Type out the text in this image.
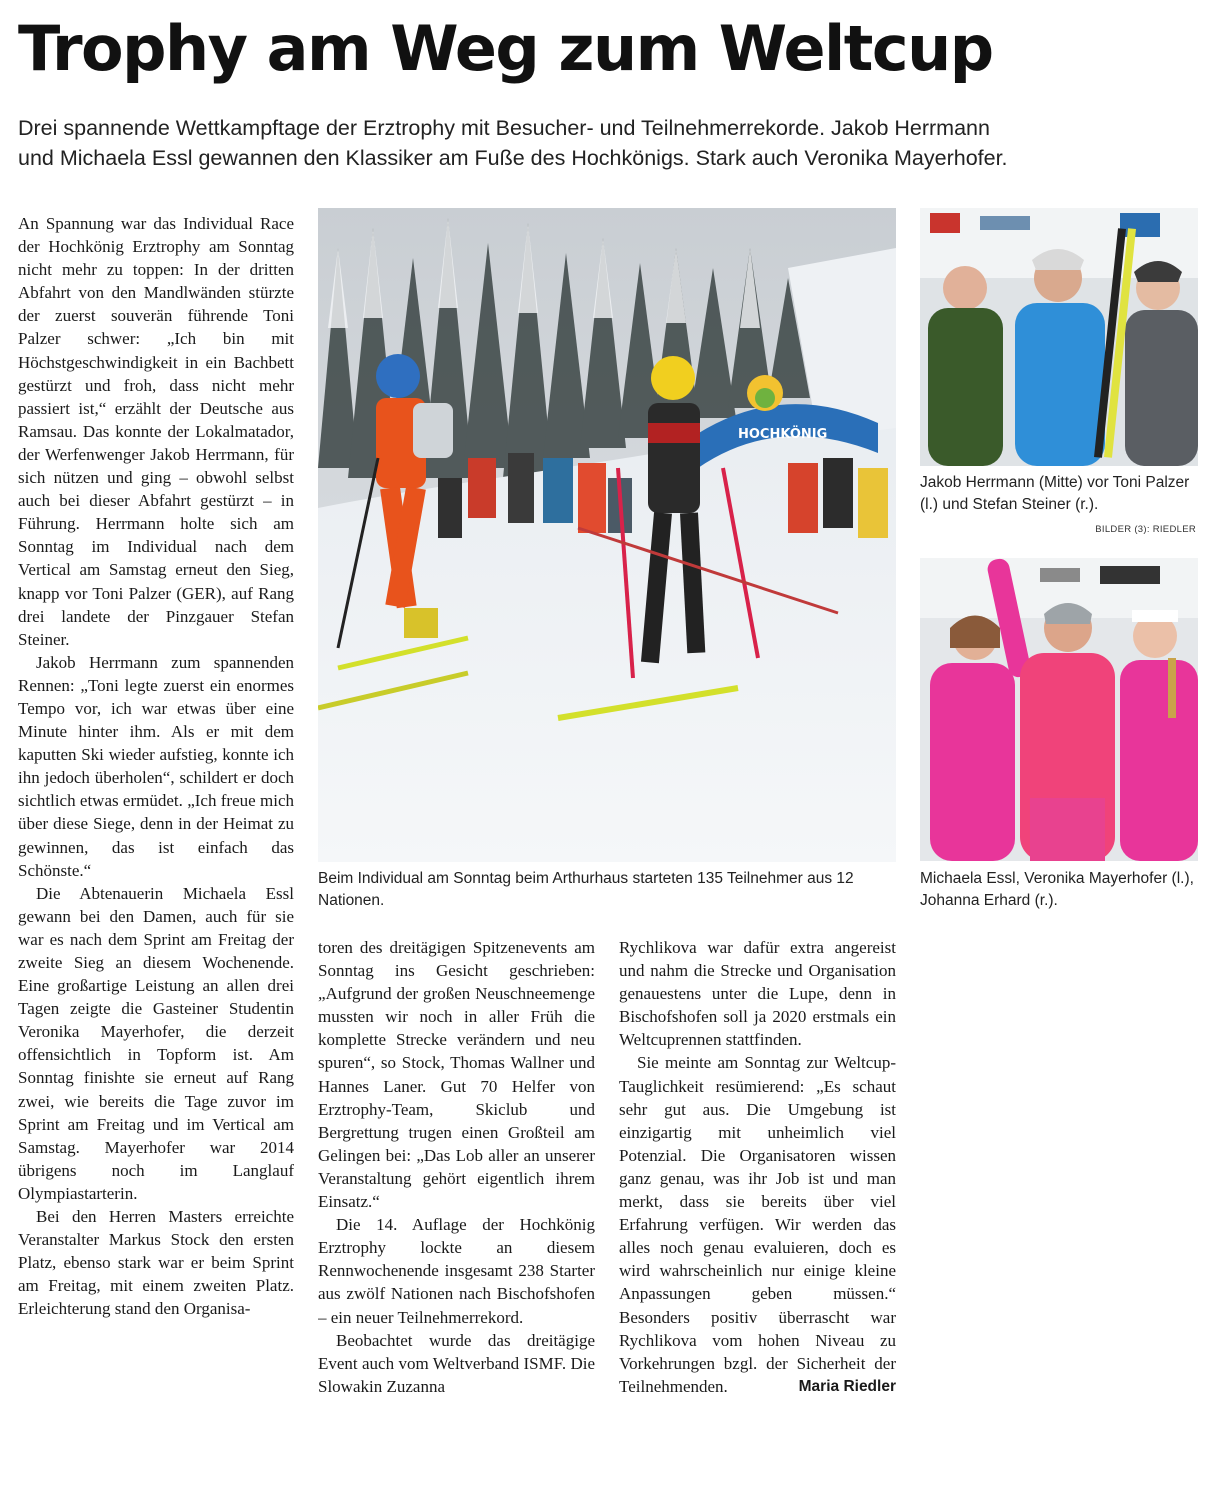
Trophy am Weg zum Weltcup
Drei spannende Wettkampftage der Erztrophy mit Besucher- und Teilnehmerrekorde. Jakob Herrmann
und Michaela Essl gewannen den Klassiker am Fuße des Hochkönigs. Stark auch Veronika Mayerhofer.

An Spannung war das Individual Race der Hochkönig Erztrophy am Sonntag nicht mehr zu toppen: In der dritten Abfahrt von den Mandlwänden stürzte der zuerst souverän führende Toni Palzer schwer: „Ich bin mit Höchstgeschwindigkeit in ein Bachbett gestürzt und froh, dass nicht mehr passiert ist,“ erzählt der Deutsche aus Ramsau. Das konnte der Lokalmatador, der Werfenwenger Jakob Herrmann, für sich nützen und ging – obwohl selbst auch bei dieser Abfahrt gestürzt – in Führung. Herrmann holte sich am Sonntag im Individual nach dem Vertical am Samstag erneut den Sieg, knapp vor Toni Palzer (GER), auf Rang drei landete der Pinzgauer Stefan Steiner.

Jakob Herrmann zum spannenden Rennen: „Toni legte zuerst ein enormes Tempo vor, ich war etwas über eine Minute hinter ihm. Als er mit dem kaputten Ski wieder aufstieg, konnte ich ihn jedoch überholen“, schildert er doch sichtlich etwas ermüdet. „Ich freue mich über diese Siege, denn in der Heimat zu gewinnen, das ist einfach das Schönste.“

Die Abtenauerin Michaela Essl gewann bei den Damen, auch für sie war es nach dem Sprint am Freitag der zweite Sieg an diesem Wochenende. Eine großartige Leistung an allen drei Tagen zeigte die Gasteiner Studentin Veronika Mayerhofer, die derzeit offensichtlich in Topform ist. Am Sonntag finishte sie erneut auf Rang zwei, wie bereits die Tage zuvor im Sprint am Freitag und im Vertical am Samstag. Mayerhofer war 2014 übrigens noch im Langlauf Olympiastarterin.

Bei den Herren Masters erreichte Veranstalter Markus Stock den ersten Platz, ebenso stark war er beim Sprint am Freitag, mit einem zweiten Platz. Erleichterung stand den Organisa-

HOCHKÖNIG
Beim Individual am Sonntag beim Arthurhaus starteten 135 Teilnehmer aus 12 Nationen.

toren des dreitägigen Spitzenevents am Sonntag ins Gesicht geschrieben: „Aufgrund der großen Neuschneemenge mussten wir noch in aller Früh die komplette Strecke verändern und neu spuren“, so Stock, Thomas Wallner und Hannes Laner. Gut 70 Helfer von Erztrophy-Team, Skiclub und Bergrettung trugen einen Großteil am Gelingen bei: „Das Lob aller an unserer Veranstaltung gehört eigentlich ihrem Einsatz.“

Die 14. Auflage der Hochkönig Erztrophy lockte an diesem Rennwochenende insgesamt 238 Starter aus zwölf Nationen nach Bischofshofen – ein neuer Teilnehmerrekord.

Beobachtet wurde das dreitägige Event auch vom Weltverband ISMF. Die Slowakin Zuzanna

Rychlikova war dafür extra angereist und nahm die Strecke und Organisation genauestens unter die Lupe, denn in Bischofshofen soll ja 2020 erstmals ein Weltcuprennen stattfinden.

Sie meinte am Sonntag zur Weltcup-Tauglichkeit resümierend: „Es schaut sehr gut aus. Die Umgebung ist einzigartig mit unheimlich viel Potenzial. Die Organisatoren wissen ganz genau, was ihr Job ist und man merkt, dass sie bereits über viel Erfahrung verfügen. Wir werden das alles noch genau evaluieren, doch es wird wahrscheinlich nur einige kleine Anpassungen geben müssen.“ Besonders positiv überrascht war Rychlikova vom hohen Niveau zu Vorkehrungen bzgl. der Sicherheit der Teilnehmenden.	Maria Riedler

Jakob Herrmann (Mitte) vor Toni Palzer (l.) und Stefan Steiner (r.).
BILDER (3): RIEDLER
Michaela Essl, Veronika Mayerhofer (l.), Johanna Erhard (r.).
